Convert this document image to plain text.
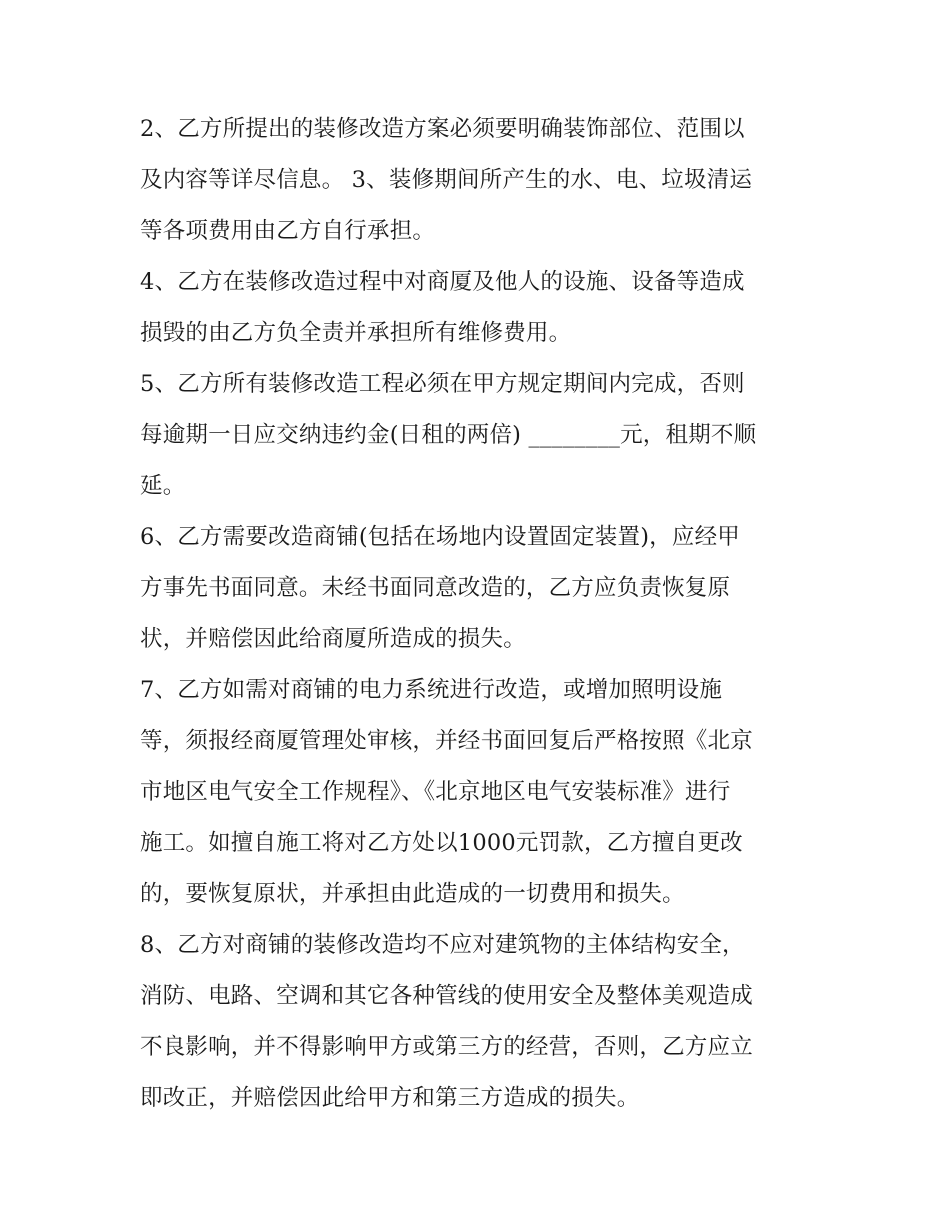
2、乙方所提出的装修改造方案必须要明确装饰部位、范围以
及内容等详尽信息。 3、装修期间所产生的水、电、垃圾清运
等各项费用由乙方自行承担。
4、乙方在装修改造过程中对商厦及他人的设施、设备等造成
损毁的由乙方负全责并承担所有维修费用。
5、乙方所有装修改造工程必须在甲方规定期间内完成，否则
每逾期一日应交纳违约金(日租的两倍) ________元，租期不顺
延。
6、乙方需要改造商铺(包括在场地内设置固定装置)，应经甲
方事先书面同意。未经书面同意改造的，乙方应负责恢复原
状，并赔偿因此给商厦所造成的损失。
7、乙方如需对商铺的电力系统进行改造，或增加照明设施
等，须报经商厦管理处审核，并经书面回复后严格按照《北京
市地区电气安全工作规程》、《北京地区电气安装标准》进行
施工。如擅自施工将对乙方处以1000元罚款，乙方擅自更改
的，要恢复原状，并承担由此造成的一切费用和损失。
8、乙方对商铺的装修改造均不应对建筑物的主体结构安全，
消防、电路、空调和其它各种管线的使用安全及整体美观造成
不良影响，并不得影响甲方或第三方的经营，否则，乙方应立
即改正，并赔偿因此给甲方和第三方造成的损失。
